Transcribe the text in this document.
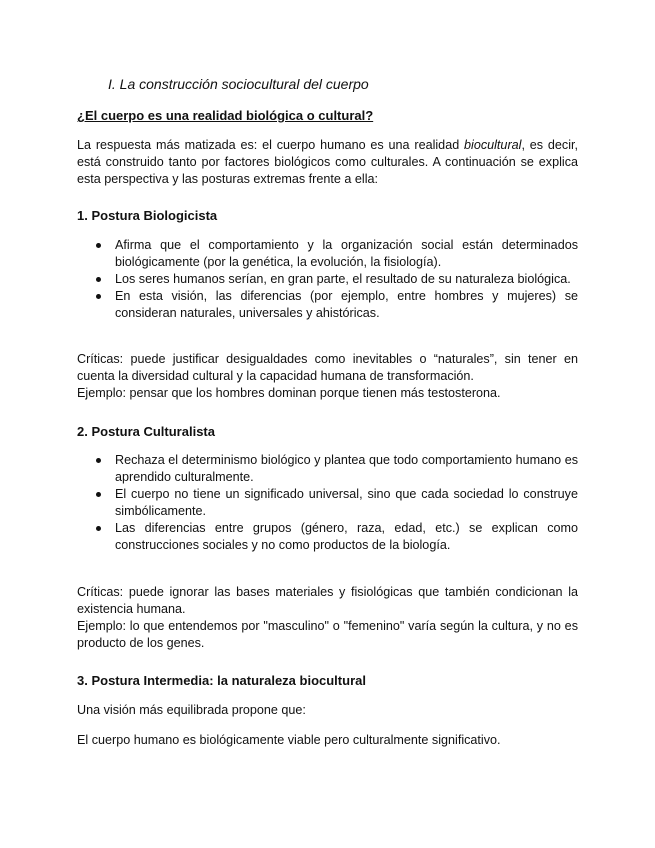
I. La construcción sociocultural del cuerpo

¿El cuerpo es una realidad biológica o cultural?

La respuesta más matizada es: el cuerpo humano es una realidad biocultural, es decir, está construido tanto por factores biológicos como culturales. A continuación se explica esta perspectiva y las posturas extremas frente a ella:

1. Postura Biologicista

Afirma que el comportamiento y la organización social están determinados biológicamente (por la genética, la evolución, la fisiología).
Los seres humanos serían, en gran parte, el resultado de su naturaleza biológica.
En esta visión, las diferencias (por ejemplo, entre hombres y mujeres) se consideran naturales, universales y ahistóricas.

Críticas: puede justificar desigualdades como inevitables o “naturales”, sin tener en cuenta la diversidad cultural y la capacidad humana de transformación.

Ejemplo: pensar que los hombres dominan porque tienen más testosterona.

2. Postura Culturalista

Rechaza el determinismo biológico y plantea que todo comportamiento humano es aprendido culturalmente.
El cuerpo no tiene un significado universal, sino que cada sociedad lo construye simbólicamente.
Las diferencias entre grupos (género, raza, edad, etc.) se explican como construcciones sociales y no como productos de la biología.

Críticas: puede ignorar las bases materiales y fisiológicas que también condicionan la existencia humana.

Ejemplo: lo que entendemos por "masculino" o "femenino" varía según la cultura, y no es producto de los genes.

3. Postura Intermedia: la naturaleza biocultural

Una visión más equilibrada propone que:

El cuerpo humano es biológicamente viable pero culturalmente significativo.
